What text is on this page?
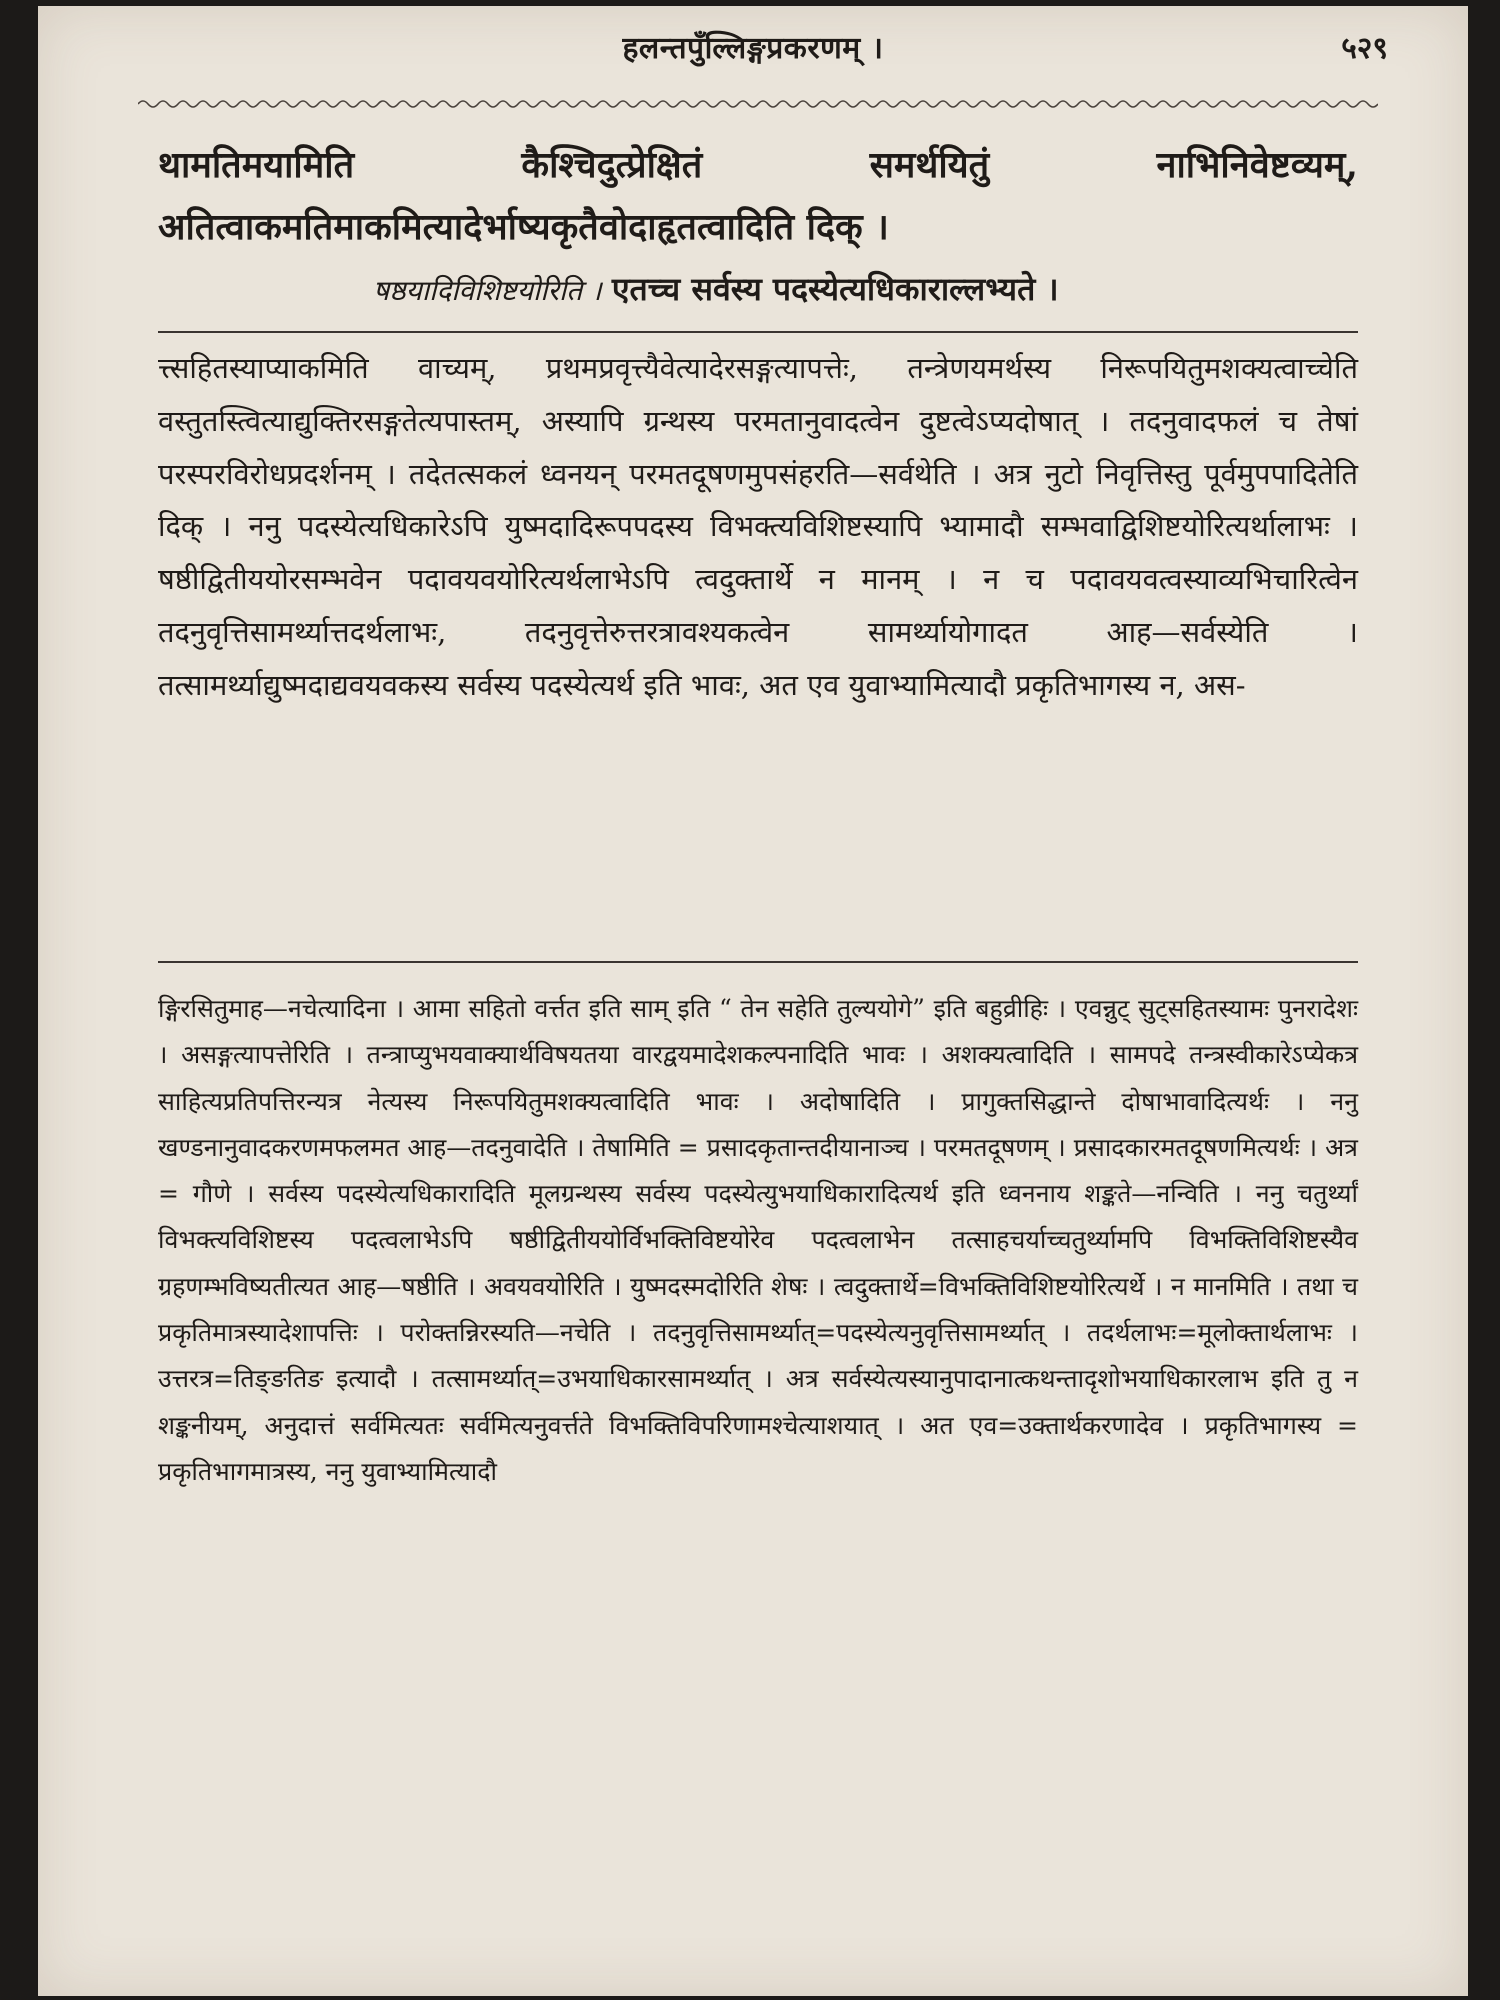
हलन्तपुँल्लिङ्गप्रकरणम् ।	५२९

थामतिमयामिति कैश्चिदुत्प्रेक्षितं समर्थयितुं नाभिनिवेष्टव्यम्, अतित्वाकमतिमाकमित्यादेर्भाष्यकृतैवोदाहृतत्वादिति दिक् ।

षष्ठयादिविशिष्टयोरिति । एतच्च सर्वस्य पदस्येत्यधिकाराल्लभ्यते ।

त्त्सहितस्याप्याकमिति वाच्यम्, प्रथमप्रवृत्त्यैवेत्यादेरसङ्गत्यापत्तेः, तन्त्रेणयमर्थस्य निरूपयितुमशक्यत्वाच्चेति वस्तुतस्त्वित्याद्युक्तिरसङ्गतेत्यपास्तम्, अस्यापि ग्रन्थस्य परमतानुवादत्वेन दुष्टत्वेऽप्यदोषात् । तदनुवादफलं च तेषां परस्परविरोधप्रदर्शनम् । तदेतत्सकलं ध्वनयन् परमतदूषणमुपसंहरति—सर्वथेति । अत्र नुटो निवृत्तिस्तु पूर्वमुपपादितेति दिक् । ननु पदस्येत्यधिकारेऽपि युष्मदादिरूपपदस्य विभक्त्यविशिष्टस्यापि भ्यामादौ सम्भवाद्विशिष्टयोरित्यर्थालाभः । षष्ठीद्वितीययोरसम्भवेन पदावयवयोरित्यर्थलाभेऽपि त्वदुक्तार्थे न मानम् । न च पदावयवत्वस्याव्यभिचारित्वेन तदनुवृत्तिसामर्थ्यात्तदर्थलाभः, तदनुवृत्तेरुत्तरत्रावश्यकत्वेन सामर्थ्यायोगादत आह—सर्वस्येति । तत्सामर्थ्याद्युष्मदाद्यवयवकस्य सर्वस्य पदस्येत्यर्थ इति भावः, अत एव युवाभ्यामित्यादौ प्रकृतिभागस्य न, अस-

ङ्गिरसितुमाह—नचेत्यादिना । आमा सहितो वर्त्तत इति साम् इति “ तेन सहेति तुल्ययोगे” इति बहुव्रीहिः । एवन्नुट् सुट्सहितस्यामः पुनरादेशः । असङ्गत्यापत्तेरिति । तन्त्राप्युभयवाक्यार्थविषयतया वारद्वयमादेशकल्पनादिति भावः । अशक्यत्वादिति । सामपदे तन्त्रस्वीकारेऽप्येकत्र साहित्यप्रतिपत्तिरन्यत्र नेत्यस्य निरूपयितुमशक्यत्वादिति भावः । अदोषादिति । प्रागुक्तसिद्धान्ते दोषाभावादित्यर्थः । ननु खण्डनानुवादकरणमफलमत आह—तदनुवादेति । तेषामिति = प्रसादकृतान्तदीयानाञ्च । परमतदूषणम् । प्रसादकारमतदूषणमित्यर्थः । अत्र = गौणे । सर्वस्य पदस्येत्यधिकारादिति मूलग्रन्थस्य सर्वस्य पदस्येत्युभयाधिकारादित्यर्थ इति ध्वननाय शङ्कते—नन्विति । ननु चतुर्थ्यां विभक्त्यविशिष्टस्य पदत्वलाभेऽपि षष्ठीद्वितीययोर्विभक्तिविष्टयोरेव पदत्वलाभेन तत्साहचर्याच्चतुर्थ्यामपि विभक्तिविशिष्टस्यैव ग्रहणम्भविष्यतीत्यत आह—षष्ठीति । अवयवयोरिति । युष्मदस्मदोरिति शेषः । त्वदुक्तार्थे=विभक्तिविशिष्टयोरित्यर्थे । न मानमिति । तथा च प्रकृतिमात्रस्यादेशापत्तिः । परोक्तन्निरस्यति—नचेति । तदनुवृत्तिसामर्थ्यात्=पदस्येत्यनुवृत्तिसामर्थ्यात् । तदर्थलाभः=मूलोक्तार्थलाभः । उत्तरत्र=तिङ्ङतिङ इत्यादौ । तत्सामर्थ्यात्=उभयाधिकारसामर्थ्यात् । अत्र सर्वस्येत्यस्यानुपादानात्कथन्तादृशोभयाधिकारलाभ इति तु न शङ्कनीयम्, अनुदात्तं सर्वमित्यतः सर्वमित्यनुवर्त्तते विभक्तिविपरिणामश्चेत्याशयात् । अत एव=उक्तार्थकरणादेव । प्रकृतिभागस्य = प्रकृतिभागमात्रस्य, ननु युवाभ्यामित्यादौ
